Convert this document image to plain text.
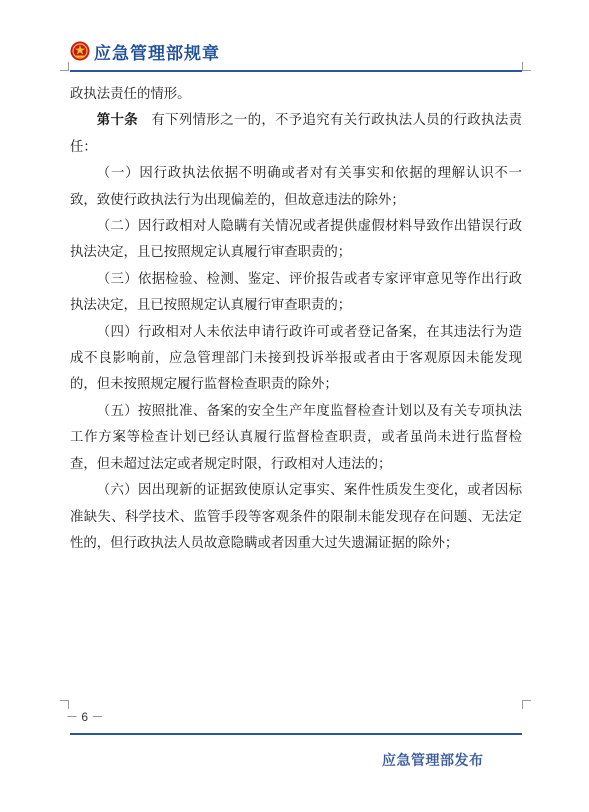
应急管理部规章

政执法责任的情形。

第十条 有下列情形之一的，不予追究有关行政执法人员的行政执法责任：

（一）因行政执法依据不明确或者对有关事实和依据的理解认识不一致，致使行政执法行为出现偏差的，但故意违法的除外；

（二）因行政相对人隐瞒有关情况或者提供虚假材料导致作出错误行政执法决定，且已按照规定认真履行审查职责的；

（三）依据检验、检测、鉴定、评价报告或者专家评审意见等作出行政执法决定，且已按照规定认真履行审查职责的；

（四）行政相对人未依法申请行政许可或者登记备案，在其违法行为造成不良影响前，应急管理部门未接到投诉举报或者由于客观原因未能发现的，但未按照规定履行监督检查职责的除外；

（五）按照批准、备案的安全生产年度监督检查计划以及有关专项执法工作方案等检查计划已经认真履行监督检查职责，或者虽尚未进行监督检查，但未超过法定或者规定时限，行政相对人违法的；

（六）因出现新的证据致使原认定事实、案件性质发生变化，或者因标准缺失、科学技术、监管手段等客观条件的限制未能发现存在问题、无法定性的，但行政执法人员故意隐瞒或者因重大过失遗漏证据的除外；

－ 6 －
应急管理部发布
